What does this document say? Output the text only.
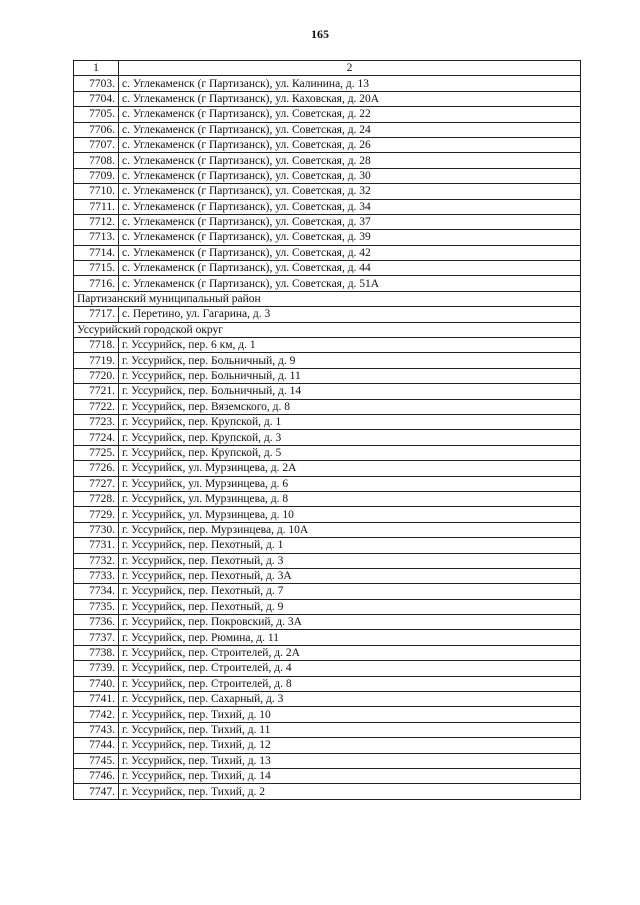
165
1	2
7703.	с. Углекаменск (г Партизанск), ул. Калинина, д. 13
7704.	с. Углекаменск (г Партизанск), ул. Каховская, д. 20А
7705.	с. Углекаменск (г Партизанск), ул. Советская, д. 22
7706.	с. Углекаменск (г Партизанск), ул. Советская, д. 24
7707.	с. Углекаменск (г Партизанск), ул. Советская, д. 26
7708.	с. Углекаменск (г Партизанск), ул. Советская, д. 28
7709.	с. Углекаменск (г Партизанск), ул. Советская, д. 30
7710.	с. Углекаменск (г Партизанск), ул. Советская, д. 32
7711.	с. Углекаменск (г Партизанск), ул. Советская, д. 34
7712.	с. Углекаменск (г Партизанск), ул. Советская, д. 37
7713.	с. Углекаменск (г Партизанск), ул. Советская, д. 39
7714.	с. Углекаменск (г Партизанск), ул. Советская, д. 42
7715.	с. Углекаменск (г Партизанск), ул. Советская, д. 44
7716.	с. Углекаменск (г Партизанск), ул. Советская, д. 51А
Партизанский муниципальный район	
7717.	с. Перетино, ул. Гагарина, д. 3
Уссурийский городской округ	
7718.	г. Уссурийск, пер. 6 км, д. 1
7719.	г. Уссурийск, пер. Больничный, д. 9
7720.	г. Уссурийск, пер. Больничный, д. 11
7721.	г. Уссурийск, пер. Больничный, д. 14
7722.	г. Уссурийск, пер. Вяземского, д. 8
7723.	г. Уссурийск, пер. Крупской, д. 1
7724.	г. Уссурийск, пер. Крупской, д. 3
7725.	г. Уссурийск, пер. Крупской, д. 5
7726.	г. Уссурийск, ул. Мурзинцева, д. 2А
7727.	г. Уссурийск, ул. Мурзинцева, д. 6
7728.	г. Уссурийск, ул. Мурзинцева, д. 8
7729.	г. Уссурийск, ул. Мурзинцева, д. 10
7730.	г. Уссурийск, пер. Мурзинцева, д. 10А
7731.	г. Уссурийск, пер. Пехотный, д. 1
7732.	г. Уссурийск, пер. Пехотный, д. 3
7733.	г. Уссурийск, пер. Пехотный, д. 3А
7734.	г. Уссурийск, пер. Пехотный, д. 7
7735.	г. Уссурийск, пер. Пехотный, д. 9
7736.	г. Уссурийск, пер. Покровский, д. 3А
7737.	г. Уссурийск, пер. Рюмина, д. 11
7738.	г. Уссурийск, пер. Строителей, д. 2А
7739.	г. Уссурийск, пер. Строителей, д. 4
7740.	г. Уссурийск, пер. Строителей, д. 8
7741.	г. Уссурийск, пер. Сахарный, д. 3
7742.	г. Уссурийск, пер. Тихий, д. 10
7743.	г. Уссурийск, пер. Тихий, д. 11
7744.	г. Уссурийск, пер. Тихий, д. 12
7745.	г. Уссурийск, пер. Тихий, д. 13
7746.	г. Уссурийск, пер. Тихий, д. 14
7747.	г. Уссурийск, пер. Тихий, д. 2
